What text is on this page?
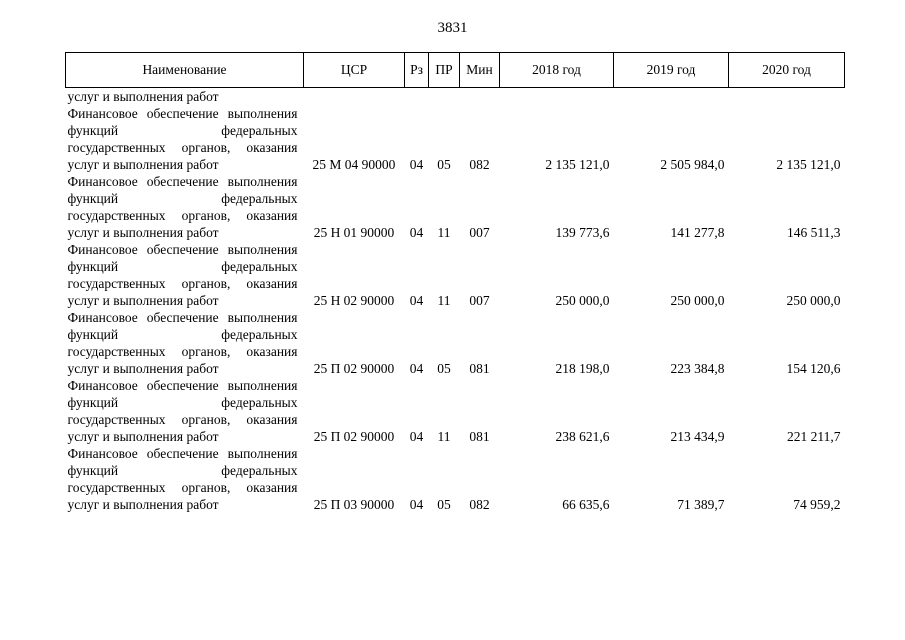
3831
Наименование	ЦСР	Рз	ПР	Мин	2018 год	2019 год	2020 год
услуг и выполнения работ							
Финансовое обеспечение выполнения функций федеральных государственных органов, оказания услуг и выполнения работ	25 М 04 90000	04	05	082	2 135 121,0	2 505 984,0	2 135 121,0
Финансовое обеспечение выполнения функций федеральных государственных органов, оказания услуг и выполнения работ	25 Н 01 90000	04	11	007	139 773,6	141 277,8	146 511,3
Финансовое обеспечение выполнения функций федеральных государственных органов, оказания услуг и выполнения работ	25 Н 02 90000	04	11	007	250 000,0	250 000,0	250 000,0
Финансовое обеспечение выполнения функций федеральных государственных органов, оказания услуг и выполнения работ	25 П 02 90000	04	05	081	218 198,0	223 384,8	154 120,6
Финансовое обеспечение выполнения функций федеральных государственных органов, оказания услуг и выполнения работ	25 П 02 90000	04	11	081	238 621,6	213 434,9	221 211,7
Финансовое обеспечение выполнения функций федеральных государственных органов, оказания услуг и выполнения работ	25 П 03 90000	04	05	082	66 635,6	71 389,7	74 959,2
